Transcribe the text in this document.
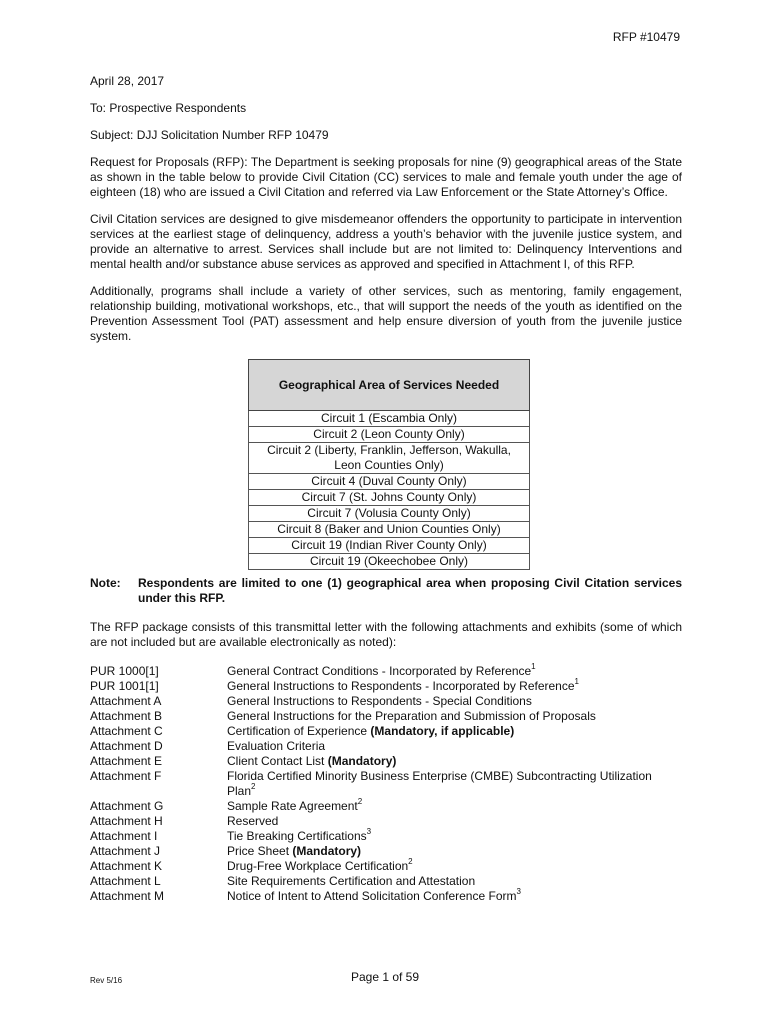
RFP #10479

April 28, 2017

To: Prospective Respondents

Subject: DJJ Solicitation Number RFP 10479

Request for Proposals (RFP): The Department is seeking proposals for nine (9) geographical areas of the State as shown in the table below to provide Civil Citation (CC) services to male and female youth under the age of eighteen (18) who are issued a Civil Citation and referred via Law Enforcement or the State Attorney’s Office.

Civil Citation services are designed to give misdemeanor offenders the opportunity to participate in intervention services at the earliest stage of delinquency, address a youth’s behavior with the juvenile justice system, and provide an alternative to arrest. Services shall include but are not limited to: Delinquency Interventions and mental health and/or substance abuse services as approved and specified in Attachment I, of this RFP.

Additionally, programs shall include a variety of other services, such as mentoring, family engagement, relationship building, motivational workshops, etc., that will support the needs of the youth as identified on the Prevention Assessment Tool (PAT) assessment and help ensure diversion of youth from the juvenile justice system.

Geographical Area of Services Needed
Circuit 1 (Escambia Only)
Circuit 2 (Leon County Only)
Circuit 2 (Liberty, Franklin, Jefferson, Wakulla, Leon Counties Only)
Circuit 4 (Duval County Only)
Circuit 7 (St. Johns County Only)
Circuit 7 (Volusia County Only)
Circuit 8 (Baker and Union Counties Only)
Circuit 19 (Indian River County Only)
Circuit 19 (Okeechobee Only)
Note:	Respondents are limited to one (1) geographical area when proposing Civil Citation services under this RFP.

The RFP package consists of this transmittal letter with the following attachments and exhibits (some of which are not included but are available electronically as noted):

PUR 1000[1]	General Contract Conditions - Incorporated by Reference$^1$
PUR 1001[1]	General Instructions to Respondents - Incorporated by Reference$^1$
Attachment A	General Instructions to Respondents - Special Conditions
Attachment B	General Instructions for the Preparation and Submission of Proposals
Attachment C	Certification of Experience (Mandatory, if applicable)
Attachment D	Evaluation Criteria
Attachment E	Client Contact List (Mandatory)
Attachment F	Florida Certified Minority Business Enterprise (CMBE) Subcontracting Utilization Plan$^2$
Attachment G	Sample Rate Agreement$^2$
Attachment H	Reserved
Attachment I	Tie Breaking Certifications$^3$
Attachment J	Price Sheet (Mandatory)
Attachment K	Drug-Free Workplace Certification$^2$
Attachment L	Site Requirements Certification and Attestation
Attachment M	Notice of Intent to Attend Solicitation Conference Form$^3$
Rev 5/16	Page 1 of 59
